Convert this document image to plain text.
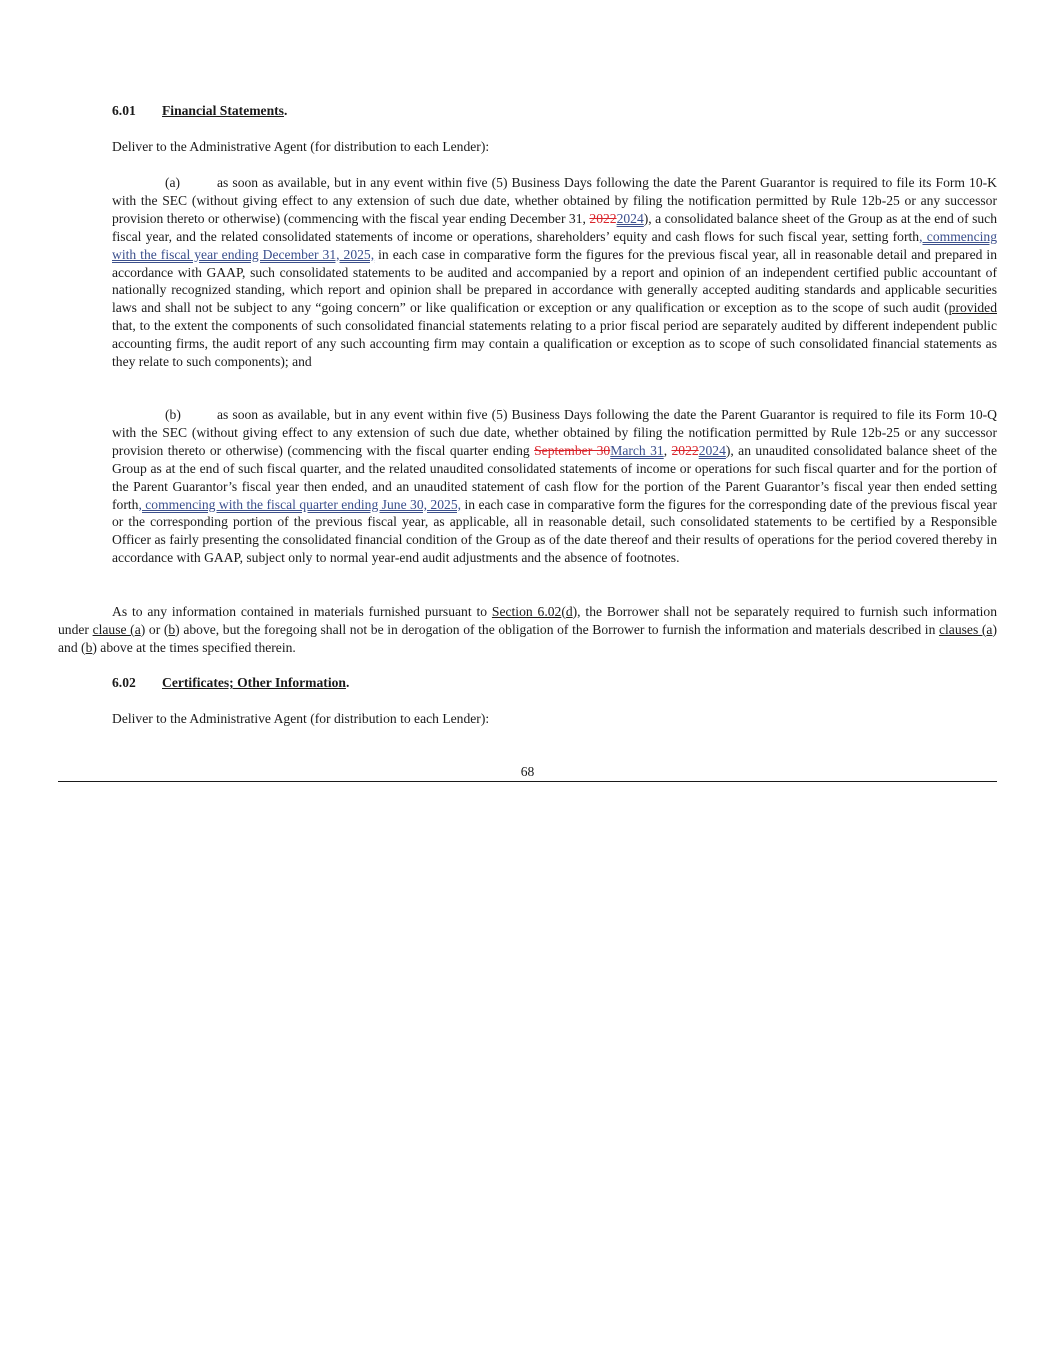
6.01 Financial Statements.

Deliver to the Administrative Agent (for distribution to each Lender):

(a)	as soon as available, but in any event within five (5) Business Days following the date the Parent Guarantor is required to file its Form 10-K with the SEC (without giving effect to any extension of such due date, whether obtained by filing the notification permitted by Rule 12b-25 or any successor provision thereto or otherwise) (commencing with the fiscal year ending December 31, 20222024), a consolidated balance sheet of the Group as at the end of such fiscal year, and the related consolidated statements of income or operations, shareholders’ equity and cash flows for such fiscal year, setting forth, commencing with the fiscal year ending December 31, 2025, in each case in comparative form the figures for the previous fiscal year, all in reasonable detail and prepared in accordance with GAAP, such consolidated statements to be audited and accompanied by a report and opinion of an independent certified public accountant of nationally recognized standing, which report and opinion shall be prepared in accordance with generally accepted auditing standards and applicable securities laws and shall not be subject to any “going concern” or like qualification or exception or any qualification or exception as to the scope of such audit (provided that, to the extent the components of such consolidated financial statements relating to a prior fiscal period are separately audited by different independent public accounting firms, the audit report of any such accounting firm may contain a qualification or exception as to scope of such consolidated financial statements as they relate to such components); and

(b)	as soon as available, but in any event within five (5) Business Days following the date the Parent Guarantor is required to file its Form 10-Q with the SEC (without giving effect to any extension of such due date, whether obtained by filing the notification permitted by Rule 12b-25 or any successor provision thereto or otherwise) (commencing with the fiscal quarter ending September 30March 31, 20222024), an unaudited consolidated balance sheet of the Group as at the end of such fiscal quarter, and the related unaudited consolidated statements of income or operations for such fiscal quarter and for the portion of the Parent Guarantor’s fiscal year then ended, and an unaudited statement of cash flow for the portion of the Parent Guarantor’s fiscal year then ended setting forth, commencing with the fiscal quarter ending June 30, 2025, in each case in comparative form the figures for the corresponding date of the previous fiscal year or the corresponding portion of the previous fiscal year, as applicable, all in reasonable detail, such consolidated statements to be certified by a Responsible Officer as fairly presenting the consolidated financial condition of the Group as of the date thereof and their results of operations for the period covered thereby in accordance with GAAP, subject only to normal year-end audit adjustments and the absence of footnotes.

As to any information contained in materials furnished pursuant to Section 6.02(d), the Borrower shall not be separately required to furnish such information under clause (a) or (b) above, but the foregoing shall not be in derogation of the obligation of the Borrower to furnish the information and materials described in clauses (a) and (b) above at the times specified therein.

6.02 Certificates; Other Information.

Deliver to the Administrative Agent (for distribution to each Lender):

68
